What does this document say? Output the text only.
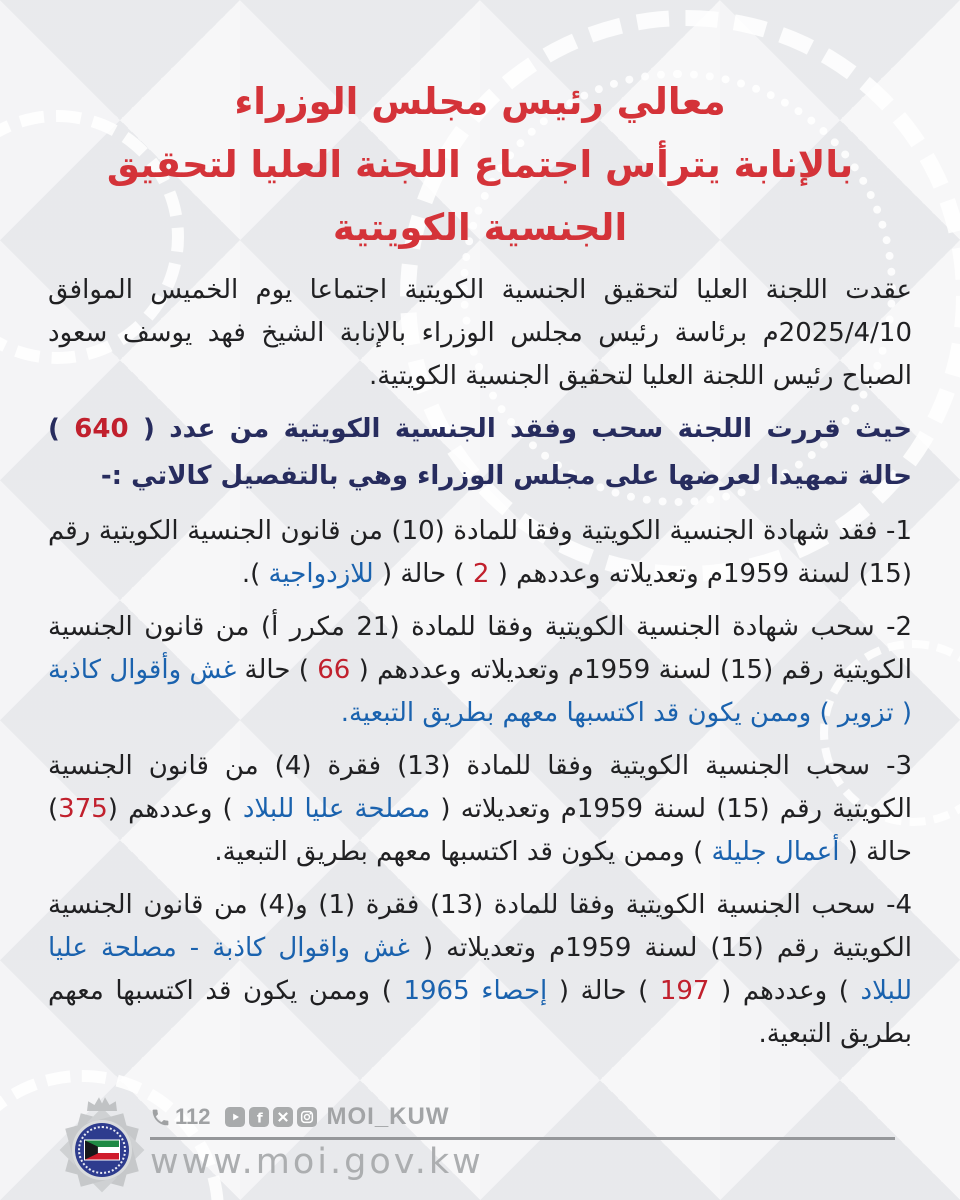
معالي رئيس مجلس الوزراء
بالإنابة يترأس اجتماع اللجنة العليا لتحقيق
الجنسية الكويتية

عقدت اللجنة العليا لتحقيق الجنسية الكويتية اجتماعا يوم الخميس الموافق 2025/4/10م برئاسة رئيس مجلس الوزراء بالإنابة الشيخ فهد يوسف سعود الصباح رئيس اللجنة العليا لتحقيق الجنسية الكويتية.

حيث قررت اللجنة سحب وفقد الجنسية الكويتية من عدد ( 640 ) حالة تمهيدا لعرضها على مجلس الوزراء وهي بالتفصيل كالاتي :-

1- فقد شهادة الجنسية الكويتية وفقا للمادة (10) من قانون الجنسية الكويتية رقم (15) لسنة 1959م وتعديلاته وعددهم ( 2 ) حالة ( للازدواجية ).

2- سحب شهادة الجنسية الكويتية وفقا للمادة (21 مكرر أ) من قانون الجنسية الكويتية رقم (15) لسنة 1959م وتعديلاته وعددهم ( 66 ) حالة غش وأقوال كاذبة ( تزوير ) وممن يكون قد اكتسبها معهم بطريق التبعية.

3- سحب الجنسية الكويتية وفقا للمادة (13) فقرة (4) من قانون الجنسية الكويتية رقم (15) لسنة 1959م وتعديلاته ( مصلحة عليا للبلاد ) وعددهم (375) حالة ( أعمال جليلة ) وممن يكون قد اكتسبها معهم بطريق التبعية.

4- سحب الجنسية الكويتية وفقا للمادة (13) فقرة (1) و(4) من قانون الجنسية الكويتية رقم (15) لسنة 1959م وتعديلاته ( غش واقوال كاذبة - مصلحة عليا للبلاد ) وعددهم ( 197 ) حالة ( إحصاء 1965 ) وممن يكون قد اكتسبها معهم بطريق التبعية.

112	f	MOI_KUW
www.moi.gov.kw
